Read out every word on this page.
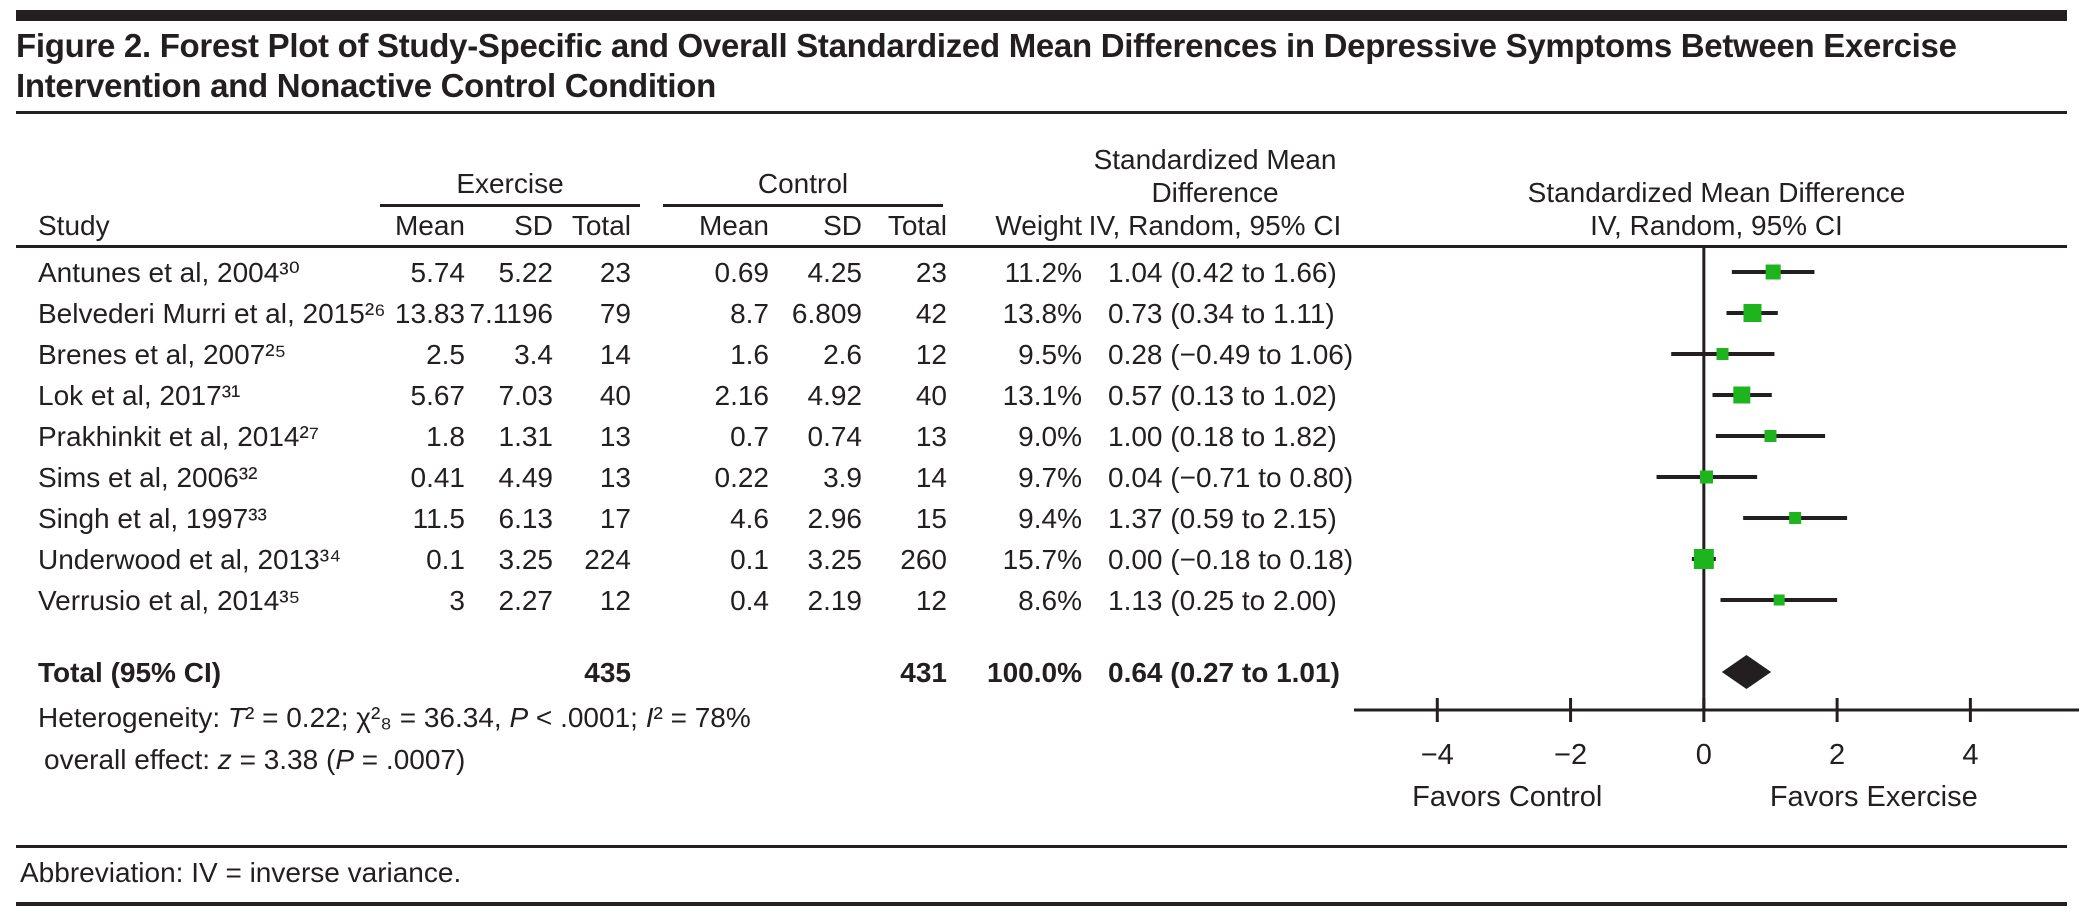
Figure 2. Forest Plot of Study-Specific and Overall Standardized Mean Differences in Depressive Symptoms Between Exercise
Intervention and Nonactive Control Condition
Exercise	Control
Standardized Mean
Difference
IV, Random, 95% CI
Standardized Mean Difference
IV, Random, 95% CI
Study	Mean	SD Total	Mean	SD Total	Weight
Antunes et al, 2004³⁰	5.74	5.22	23	0.69	4.25	23	11.2% 1.04 (0.42 to 1.66)
Belvederi Murri et al, 2015²⁶ 13.83 7.1196	79	8.7 6.809	42	13.8% 0.73 (0.34 to 1.11)
Brenes et al, 2007²⁵	2.5	3.4	14	1.6	2.6	12	9.5% 0.28 (−0.49 to 1.06)
Lok et al, 2017³¹	5.67	7.03	40	2.16	4.92	40	13.1% 0.57 (0.13 to 1.02)
Prakhinkit et al, 2014²⁷	1.8	1.31	13	0.7	0.74	13	9.0% 1.00 (0.18 to 1.82)
Sims et al, 2006³²	0.41	4.49	13	0.22	3.9	14	9.7% 0.04 (−0.71 to 0.80)
Singh et al, 1997³³	11.5	6.13	17	4.6	2.96	15	9.4% 1.37 (0.59 to 2.15)
Underwood et al, 2013³⁴	0.1	3.25	224	0.1	3.25	260	15.7% 0.00 (−0.18 to 0.18)
Verrusio et al, 2014³⁵	3	2.27	12	0.4	2.19	12	8.6% 1.13 (0.25 to 2.00)
Total (95% CI)	435	431	100.0% 0.64 (0.27 to 1.01)
Heterogeneity: T² = 0.22; χ²₈ = 36.34, P < .0001; I² = 78%
overall effect: z = 3.38 (P = .0007)	−4	−2	0	2	4
Favors Control	Favors Exercise
Abbreviation: IV = inverse variance.
